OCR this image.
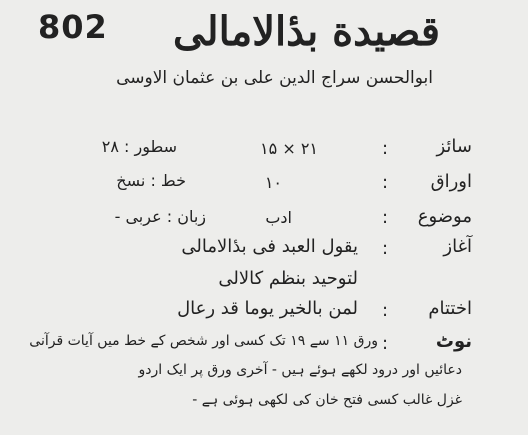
802 قصیدة بدٔالامالی
ابوالحسن سراج الدین علی بن عثمان الاوسی
سائز
:
۲۱ × ۱۵
سطور : ۲۸
اوراق
:
۱۰
خط : نسخ
موضوع
:
ادب
زبان : عربی -
آغاز
:
یقول العبد فی بدٔالامالی
لتوحید بنظم کالالی
اختتام
:
لمن بالخیر یوما قد رعال
نوٹ
:
ورق ۱۱ سے ۱۹ تک کسی اور شخص کے خط میں آیات قرآنی
دعائیں اور درود لکھے ہوئے ہیں - آخری ورق پر ایک اردو
غزل غالب کسی فتح خان کی لکھی ہوئی ہے -
